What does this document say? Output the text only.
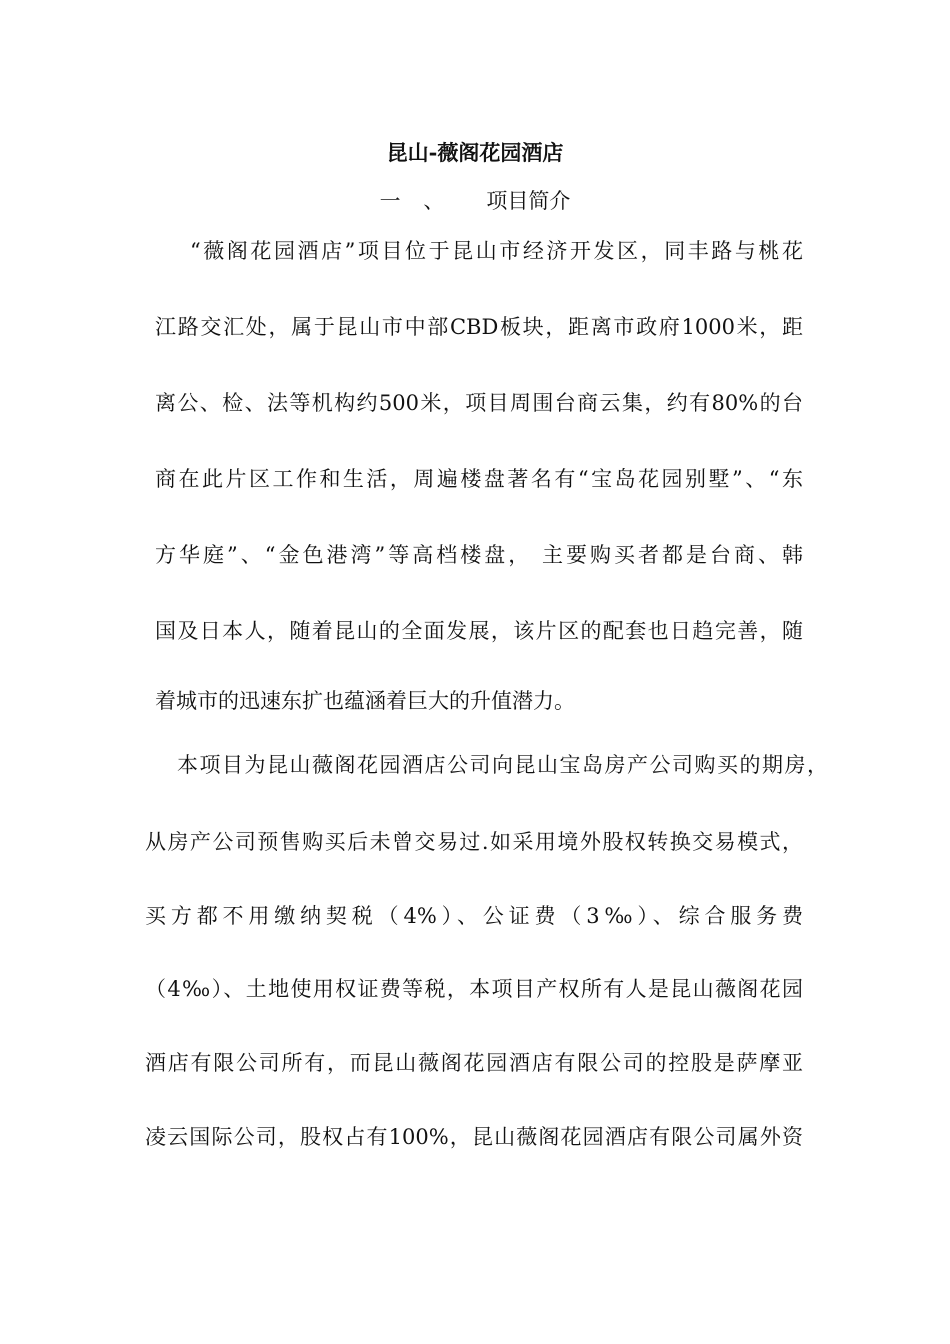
昆山-薇阁花园酒店
一 、 项目简介
“薇阁花园酒店”项目位于昆山市经济开发区，同丰路与桃花
江路交汇处，属于昆山市中部CBD板块，距离市政府1000米，距
离公、检、法等机构约500米，项目周围台商云集，约有80%的台
商在此片区工作和生活，周遍楼盘著名有“宝岛花园别墅”、“东
方华庭”、“金色港湾”等高档楼盘， 主要购买者都是台商、韩
国及日本人，随着昆山的全面发展，该片区的配套也日趋完善，随
着城市的迅速东扩也蕴涵着巨大的升值潜力。
本项目为昆山薇阁花园酒店公司向昆山宝岛房产公司购买的期房，
从房产公司预售购买后未曾交易过.如采用境外股权转换交易模式，
买方都不用缴纳契税（4%）、公证费（3‰）、综合服务费
（4‰）、土地使用权证费等税，本项目产权所有人是昆山薇阁花园
酒店有限公司所有，而昆山薇阁花园酒店有限公司的控股是萨摩亚
凌云国际公司，股权占有100%，昆山薇阁花园酒店有限公司属外资
